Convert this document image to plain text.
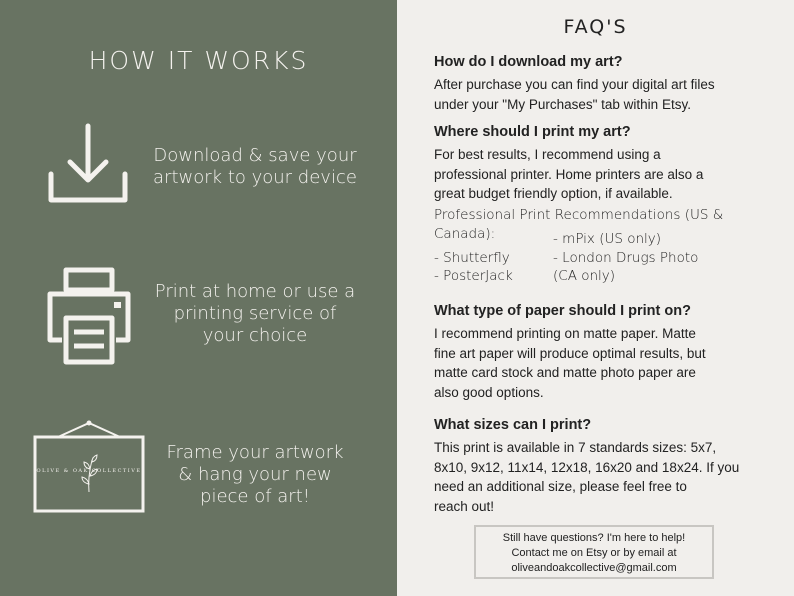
HOW IT WORKS
Download & save your
artwork to your device
Print at home or use a
printing service of
your choice
OLIVE & OAK COLLECTIVE
Frame your artwork
& hang your new
piece of art!
FAQ'S
How do I download my art?
After purchase you can find your digital art files
under your "My Purchases" tab within Etsy.
Where should I print my art?
For best results, I recommend using a
professional printer. Home printers are also a
great budget friendly option, if available.
Professional Print Recommendations (US &
Canada):	- mPix (US only)
- Shutterfly	- London Drugs Photo
- PosterJack	(CA only)
What type of paper should I print on?
I recommend printing on matte paper. Matte
fine art paper will produce optimal results, but
matte card stock and matte photo paper are
also good options.
What sizes can I print?
This print is available in 7 standards sizes: 5x7,
8x10, 9x12, 11x14, 12x18, 16x20 and 18x24. If you
need an additional size, please feel free to
reach out!
Still have questions? I'm here to help!
Contact me on Etsy or by email at
oliveandoakcollective@gmail.com
